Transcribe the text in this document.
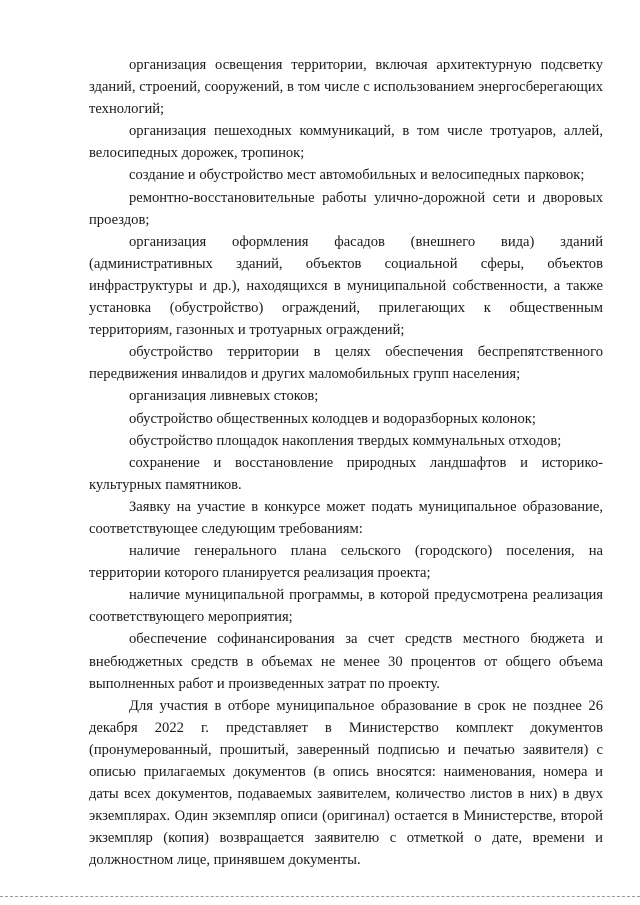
организация освещения территории, включая архитектурную подсветку зданий, строений, сооружений, в том числе с использованием энергосберегающих технологий;

организация пешеходных коммуникаций, в том числе тротуаров, аллей, велосипедных дорожек, тропинок;

создание и обустройство мест автомобильных и велосипедных парковок;

ремонтно-восстановительные работы улично-дорожной сети и дворовых проездов;

организация оформления фасадов (внешнего вида) зданий (административных зданий, объектов социальной сферы, объектов инфраструктуры и др.), находящихся в муниципальной собственности, а также установка (обустройство) ограждений, прилегающих к общественным территориям, газонных и тротуарных ограждений;

обустройство территории в целях обеспечения беспрепятственного передвижения инвалидов и других маломобильных групп населения;

организация ливневых стоков;

обустройство общественных колодцев и водоразборных колонок;

обустройство площадок накопления твердых коммунальных отходов;

сохранение и восстановление природных ландшафтов и историко-культурных памятников.

Заявку на участие в конкурсе может подать муниципальное образование, соответствующее следующим требованиям:

наличие генерального плана сельского (городского) поселения, на территории которого планируется реализация проекта;

наличие муниципальной программы, в которой предусмотрена реализация соответствующего мероприятия;

обеспечение софинансирования за счет средств местного бюджета и внебюджетных средств в объемах не менее 30 процентов от общего объема выполненных работ и произведенных затрат по проекту.

Для участия в отборе муниципальное образование в срок не позднее 26 декабря 2022 г. представляет в Министерство комплект документов (пронумерованный, прошитый, заверенный подписью и печатью заявителя) с описью прилагаемых документов (в опись вносятся: наименования, номера и даты всех документов, подаваемых заявителем, количество листов в них) в двух экземплярах. Один экземпляр описи (оригинал) остается в Министерстве, второй экземпляр (копия) возвращается заявителю с отметкой о дате, времени и должностном лице, принявшем документы.
